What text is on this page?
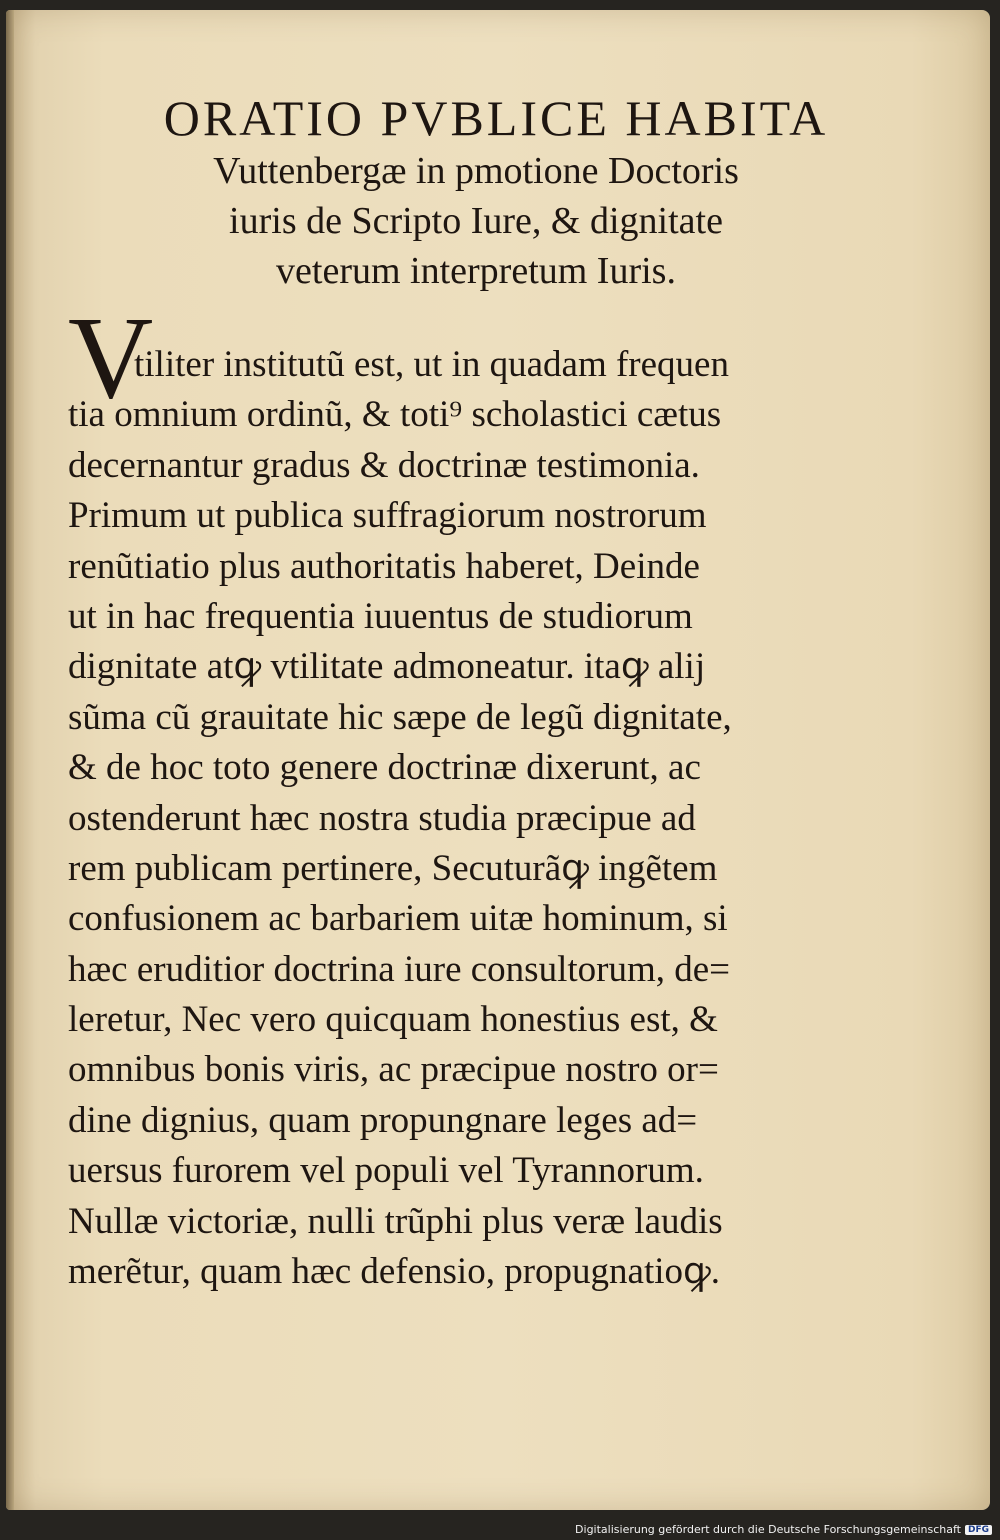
ORATIO PVBLICE HABITA

Vuttenbergæ in pmotione Doctoris

iuris de Scripto Iure, & dignitate

veterum interpretum Iuris.

V
tiliter institutũ est, ut in quadam frequen
tia omnium ordinũ, & toti⁹ scholastici cætus
decernantur gradus & doctrinæ testimonia.
Primum ut publica suffragiorum nostrorum
renũtiatio plus authoritatis haberet, Deinde
ut in hac frequentia iuuentus de studiorum
dignitate atꝙ vtilitate admoneatur. itaꝙ alij
sũma cũ grauitate hic sæpe de legũ dignitate,
& de hoc toto genere doctrinæ dixerunt, ac
ostenderunt hæc nostra studia præcipue ad
rem publicam pertinere, Secuturãꝙ ingẽtem
confusionem ac barbariem uitæ hominum, si
hæc eruditior doctrina iure consultorum, de=
leretur, Nec vero quicquam honestius est, &
omnibus bonis viris, ac præcipue nostro or=
dine dignius, quam propungnare leges ad=
uersus furorem vel populi vel Tyrannorum.
Nullæ victoriæ, nulli trũphi plus veræ laudis
merẽtur, quam hæc defensio, propugnatioꝙ.
Digitalisierung gefördert durch die Deutsche Forschungsgemeinschaft DFG
